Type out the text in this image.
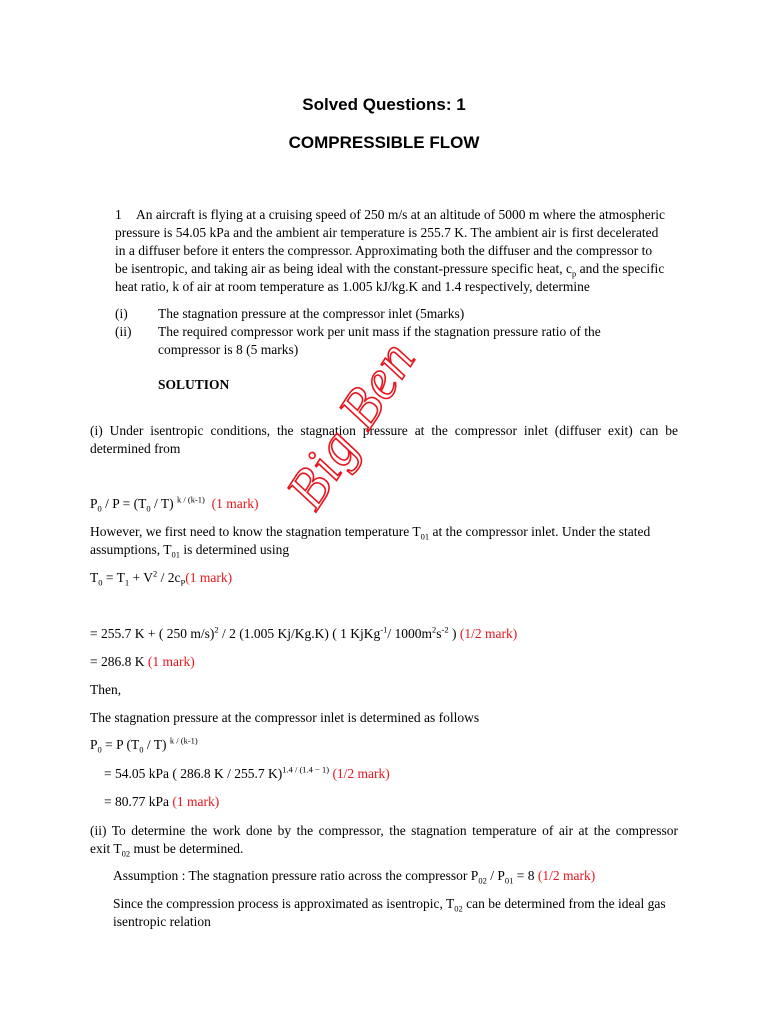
Solved Questions: 1
COMPRESSIBLE FLOW
1 An aircraft is flying at a cruising speed of 250 m/s at an altitude of 5000 m where the atmospheric
pressure is 54.05 kPa and the ambient air temperature is 255.7 K. The ambient air is first decelerated
in a diffuser before it enters the compressor. Approximating both the diffuser and the compressor to
be isentropic, and taking air as being ideal with the constant-pressure specific heat, $c_p$ and the specific
heat ratio, k of air at room temperature as 1.005 kJ/kg.K and 1.4 respectively, determine
(i) The stagnation pressure at the compressor inlet (5marks)
(ii) The required compressor work per unit mass if the stagnation pressure ratio of the
compressor is 8 (5 marks)
SOLUTION
(i) Under isentropic conditions, the stagnation pressure at the compressor inlet (diffuser exit) can be
determined from
$P_0 / P = (T_0 / T)$ $^{k / (k-1)}$ (1 mark)
However, we first need to know the stagnation temperature $T_{01}$ at the compressor inlet. Under the stated
assumptions, $T_{01}$ is determined using
$T_0 = T_1 + V^2 / 2c_P(1$ mark)
= 255.7 K + ( 250 m/s)$^2$ / 2 (1.005 Kj/Kg.K) ( 1 KjKg$^{-1}$/ $1000m^2s^{-2}$ ) (1/2 mark)
= 286.8 K (1 mark)
Then,
The stagnation pressure at the compressor inlet is determined as follows
$P_0 = P$ $(T_0 / T)$ $^{k / (k-1)}$
= 54.05 kPa ( 286.8 K / 255.7 K)$^{1.4 / (1.4 - 1)}$ (1/2 mark)
= 80.77 kPa (1 mark)
(ii) To determine the work done by the compressor, the stagnation temperature of air at the compressor
exit $T_{02}$ must be determined.
Assumption : The stagnation pressure ratio across the compressor $P_{02} / P_{01} = 8$ (1/2 mark)
Since the compression process is approximated as isentropic, $T_{02}$ can be determined from the ideal gas
isentropic relation
Big Ben
